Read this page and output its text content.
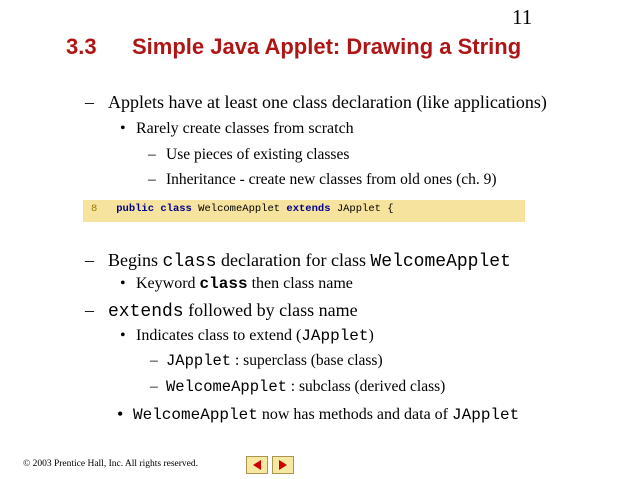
11
3.3 Simple Java Applet: Drawing a String
– Applets have at least one class declaration (like applications)
• Rarely create classes from scratch
– Use pieces of existing classes
– Inheritance - create new classes from old ones (ch. 9)
8 public class WelcomeApplet extends JApplet {
– Begins class declaration for class WelcomeApplet
• Keyword class then class name
– extends followed by class name
• Indicates class to extend (JApplet)
– JApplet : superclass (base class)
– WelcomeApplet : subclass (derived class)
• WelcomeApplet now has methods and data of JApplet
© 2003 Prentice Hall, Inc. All rights reserved.
